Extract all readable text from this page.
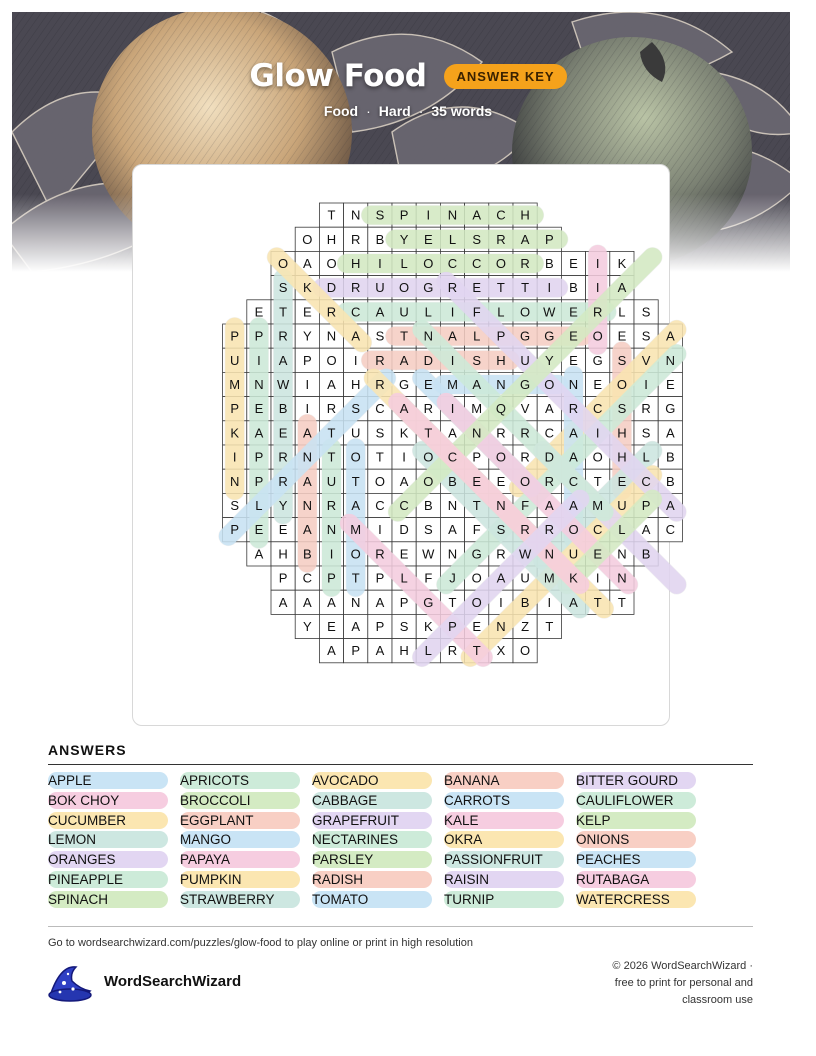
Glow Food	ANSWER KEY
Food · Hard · 35 words
T N S P I N A C H
O H R B Y E L S R A P
O A O H I L O C C O R B E I K
S K D R U O G R E T T I B I A
E T E R C A U L I F L O W E R L S
P P R Y N A S T N A L P G G E O E S A
U I A P O I R A D I S H U Y E G S V N
M N W I A H R G E M A N G O N E O I E
P E B I R S C A R I M Q V A R C S R G
K A E A T U S K T A N R R C A I H S A
I P R N T O T I O C P O R D A O H L B
N P R A U T O A O B E E O R C T E C B
S L Y N R A C C B N T N F A A M U P A
P E E A N M I D S A F S R R O C L A C
A H B I O R E W N G R W N U E N B
P C P T P L F J O A U M K I N
A A A N A P G T O I B I A T T
Y E A P S K P E N Z T
A P A H L R T X O
ANSWERS
APPLE	APRICOTS	AVOCADO	BANANA	BITTER GOURD
BOK CHOY	BROCCOLI	CABBAGE	CARROTS	CAULIFLOWER
CUCUMBER	EGGPLANT	GRAPEFRUIT	KALE	KELP
LEMON	MANGO	NECTARINES	OKRA	ONIONS
ORANGES	PAPAYA	PARSLEY	PASSIONFRUIT	PEACHES
PINEAPPLE	PUMPKIN	RADISH	RAISIN	RUTABAGA
SPINACH	STRAWBERRY	TOMATO	TURNIP	WATERCRESS
Go to wordsearchwizard.com/puzzles/glow-food to play online or print in high resolution
WordSearchWizard
© 2026 WordSearchWizard ·
free to print for personal and
classroom use
